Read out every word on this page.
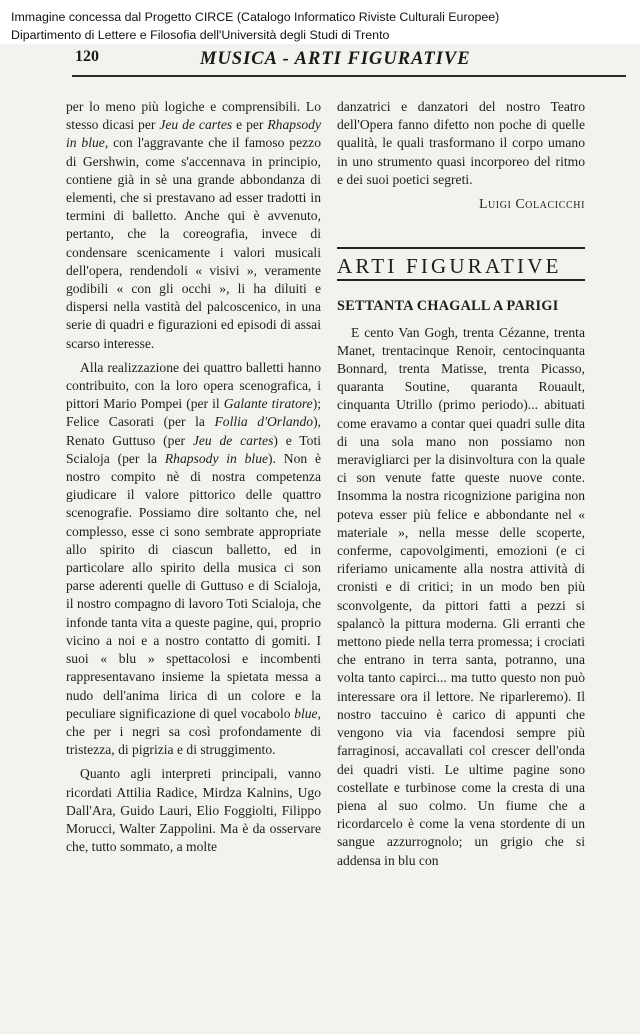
Immagine concessa dal Progetto CIRCE (Catalogo Informatico Riviste Culturali Europee)
Dipartimento di Lettere e Filosofia dell'Università degli Studi di Trento
120	MUSICA - ARTI FIGURATIVE

per lo meno più logiche e comprensibili. Lo stesso dicasi per Jeu de cartes e per Rhapsody in blue, con l'aggravante che il famoso pezzo di Gershwin, come s'accennava in principio, contiene già in sè una grande abbondanza di elementi, che si prestavano ad esser tradotti in termini di balletto. Anche qui è avvenuto, pertanto, che la coreografia, invece di condensare scenicamente i valori musicali dell'opera, rendendoli « visivi », veramente godibili « con gli occhi », li ha diluiti e dispersi nella vastità del palcoscenico, in una serie di quadri e figurazioni ed episodi di assai scarso interesse.

Alla realizzazione dei quattro balletti hanno contribuito, con la loro opera scenografica, i pittori Mario Pompei (per il Galante tiratore); Felice Casorati (per la Follia d'Orlando), Renato Guttuso (per Jeu de cartes) e Toti Scialoja (per la Rhapsody in blue). Non è nostro compito nè di nostra competenza giudicare il valore pittorico delle quattro scenografie. Possiamo dire soltanto che, nel complesso, esse ci sono sembrate appropriate allo spirito di ciascun balletto, ed in particolare allo spirito della musica ci son parse aderenti quelle di Guttuso e di Scialoja, il nostro compagno di lavoro Toti Scialoja, che infonde tanta vita a queste pagine, qui, proprio vicino a noi e a nostro contatto di gomiti. I suoi « blu » spettacolosi e incombenti rappresentavano insieme la spietata messa a nudo dell'anima lirica di un colore e la peculiare significazione di quel vocabolo blue, che per i negri sa così profondamente di tristezza, di pigrizia e di struggimento.

Quanto agli interpreti principali, vanno ricordati Attilia Radice, Mirdza Kalnins, Ugo Dall'Ara, Guido Lauri, Elio Foggiolti, Filippo Morucci, Walter Zappolini. Ma è da osservare che, tutto sommato, a molte

danzatrici e danzatori del nostro Teatro dell'Opera fanno difetto non poche di quelle qualità, le quali trasformano il corpo umano in uno strumento quasi incorporeo del ritmo e dei suoi poetici segreti.

Luigi Colacicchi

ARTI FIGURATIVE
SETTANTA CHAGALL A PARIGI

E cento Van Gogh, trenta Cézanne, trenta Manet, trentacinque Renoir, centocinquanta Bonnard, trenta Matisse, trenta Picasso, quaranta Soutine, quaranta Rouault, cinquanta Utrillo (primo periodo)... abituati come eravamo a contar quei quadri sulle dita di una sola mano non possiamo non meravigliarci per la disinvoltura con la quale ci son venute fatte queste nuove conte. Insomma la nostra ricognizione parigina non poteva esser più felice e abbondante nel « materiale », nella messe delle scoperte, conferme, capovolgimenti, emozioni (e ci riferiamo unicamente alla nostra attività di cronisti e di critici; in un modo ben più sconvolgente, da pittori fatti a pezzi si spalancò la pittura moderna. Gli erranti che mettono piede nella terra promessa; i crociati che entrano in terra santa, potranno, una volta tanto capirci... ma tutto questo non può interessare ora il lettore. Ne riparleremo). Il nostro taccuino è carico di appunti che vengono via via facendosi sempre più farraginosi, accavallati col crescer dell'onda dei quadri visti. Le ultime pagine sono costellate e turbinose come la cresta di una piena al suo colmo. Un fiume che a ricordarcelo è come la vena stordente di un sangue azzurrognolo; un grigio che si addensa in blu con
